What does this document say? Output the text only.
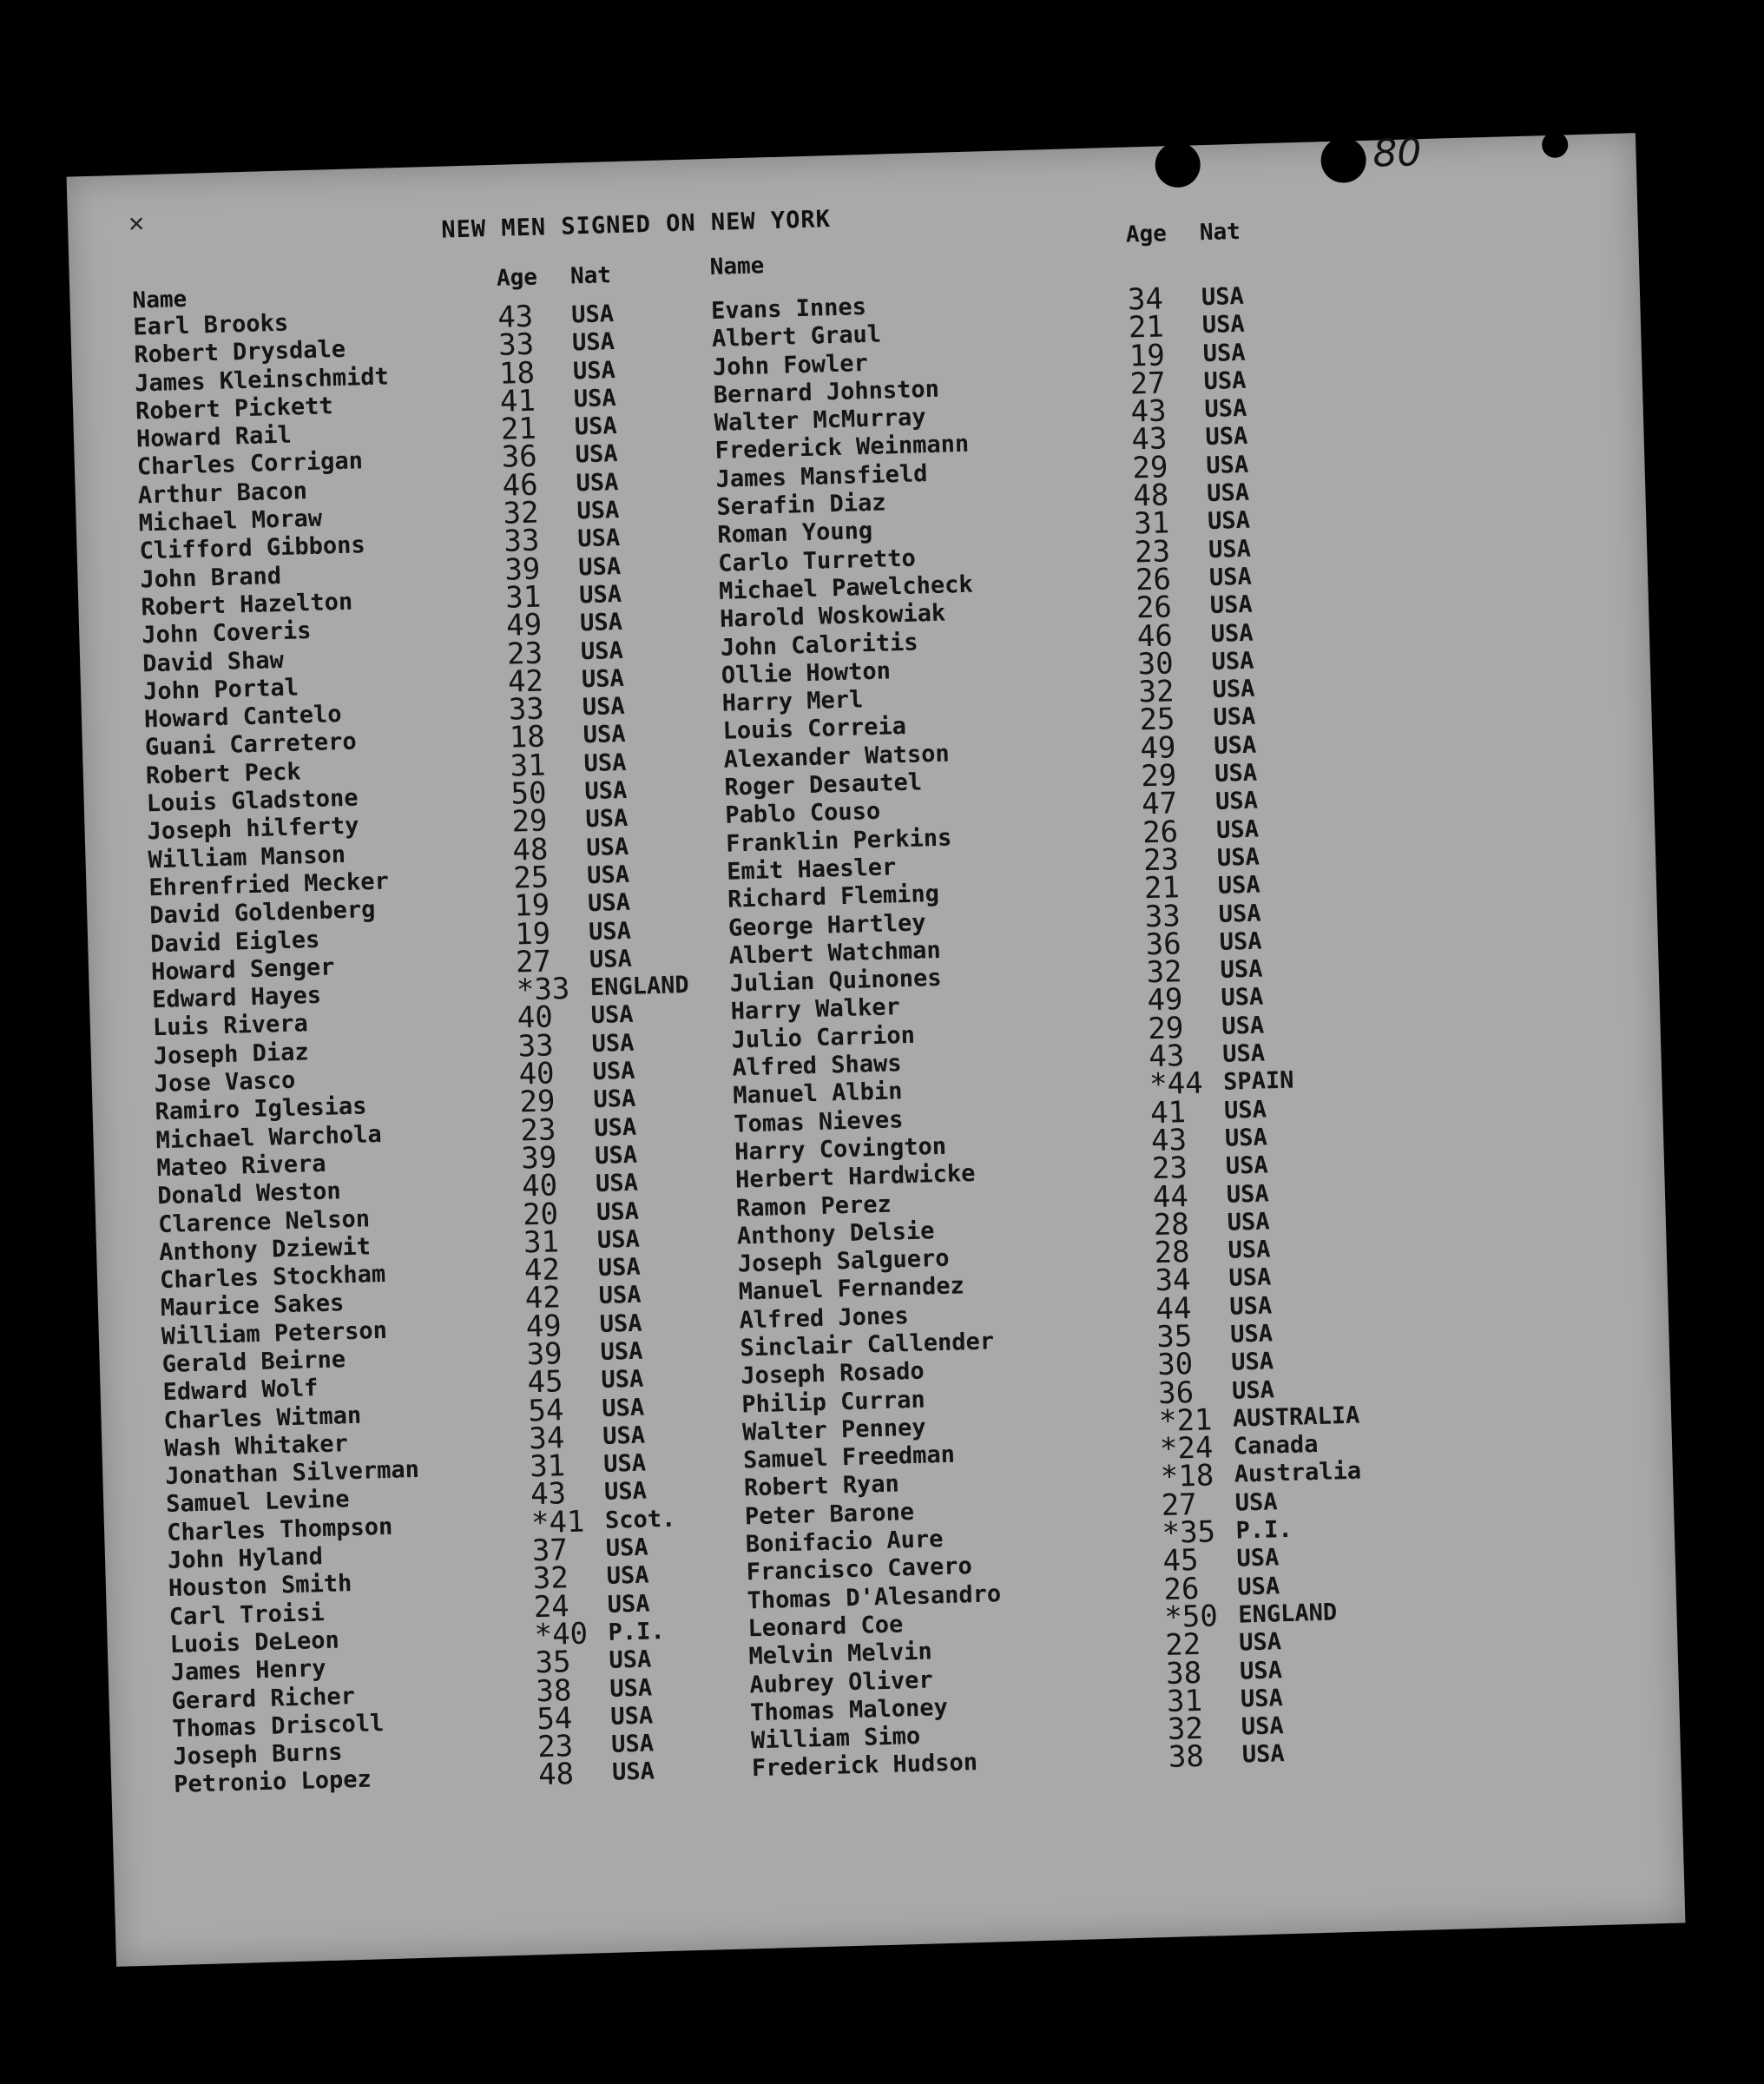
✕
80
NEW MEN SIGNED ON NEW YORK
Name
Age Nat
Earl Brooks	43 USA
Robert Drysdale	33 USA
James Kleinschmidt	18 USA
Robert Pickett	41 USA
Howard Rail	21 USA
Charles Corrigan	36 USA
Arthur Bacon	46 USA
Michael Moraw	32 USA
Clifford Gibbons	33 USA
John Brand	39 USA
Robert Hazelton	31 USA
John Coveris	49 USA
David Shaw	23 USA
John Portal	42 USA
Howard Cantelo	33 USA
Guani Carretero	18 USA
Robert Peck	31 USA
Louis Gladstone	50 USA
Joseph hilferty	29 USA
William Manson	48 USA
Ehrenfried Mecker	25 USA
David Goldenberg	19 USA
David Eigles	19 USA
Howard Senger	27 USA
Edward Hayes	*33 ENGLAND
Luis Rivera	40 USA
Joseph Diaz	33 USA
Jose Vasco	40 USA
Ramiro Iglesias	29 USA
Michael Warchola	23 USA
Mateo Rivera	39 USA
Donald Weston	40 USA
Clarence Nelson	20 USA
Anthony Dziewit	31 USA
Charles Stockham	42 USA
Maurice Sakes	42 USA
William Peterson	49 USA
Gerald Beirne	39 USA
Edward Wolf	45 USA
Charles Witman	54 USA
Wash Whitaker	34 USA
Jonathan Silverman	31 USA
Samuel Levine	43 USA
Charles Thompson	*41 Scot.
John Hyland	37 USA
Houston Smith	32 USA
Carl Troisi	24 USA
Luois DeLeon	*40 P.I.
James Henry	35 USA
Gerard Richer	38 USA
Thomas Driscoll	54 USA
Joseph Burns	23 USA
Petronio Lopez	48 USA
Name
Age Nat
Evans Innes	34 USA
Albert Graul	21 USA
John Fowler	19 USA
Bernard Johnston	27 USA
Walter McMurray	43 USA
Frederick Weinmann	43 USA
James Mansfield	29 USA
Serafin Diaz	48 USA
Roman Young	31 USA
Carlo Turretto	23 USA
Michael Pawelcheck	26 USA
Harold Woskowiak	26 USA
John Caloritis	46 USA
Ollie Howton	30 USA
Harry Merl	32 USA
Louis Correia	25 USA
Alexander Watson	49 USA
Roger Desautel	29 USA
Pablo Couso	47 USA
Franklin Perkins	26 USA
Emit Haesler	23 USA
Richard Fleming	21 USA
George Hartley	33 USA
Albert Watchman	36 USA
Julian Quinones	32 USA
Harry Walker	49 USA
Julio Carrion	29 USA
Alfred Shaws	43 USA
Manuel Albin	*44 SPAIN
Tomas Nieves	41 USA
Harry Covington	43 USA
Herbert Hardwicke	23 USA
Ramon Perez	44 USA
Anthony Delsie	28 USA
Joseph Salguero	28 USA
Manuel Fernandez	34 USA
Alfred Jones	44 USA
Sinclair Callender	35 USA
Joseph Rosado	30 USA
Philip Curran	36 USA
Walter Penney	*21 AUSTRALIA
Samuel Freedman	*24 Canada
Robert Ryan	*18 Australia
Peter Barone	27 USA
Bonifacio Aure	*35 P.I.
Francisco Cavero	45 USA
Thomas D'Alesandro	26 USA
Leonard Coe	*50 ENGLAND
Melvin Melvin	22 USA
Aubrey Oliver	38 USA
Thomas Maloney	31 USA
William Simo	32 USA
Frederick Hudson	38 USA
